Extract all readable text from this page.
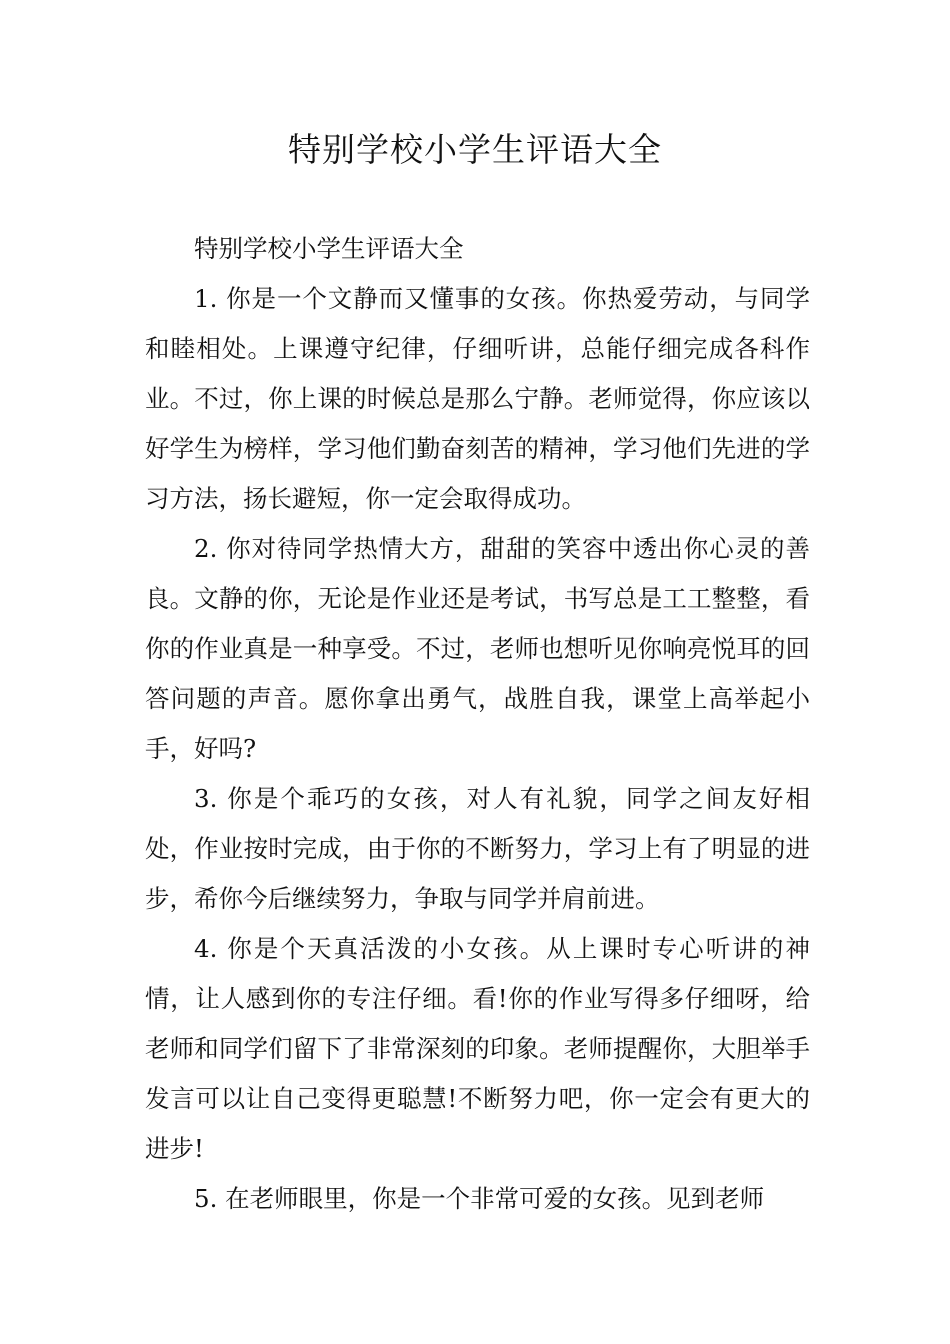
特别学校小学生评语大全

特别学校小学生评语大全

1. 你是一个文静而又懂事的女孩。你热爱劳动，与同学和睦相处。上课遵守纪律，仔细听讲，总能仔细完成各科作业。不过，你上课的时候总是那么宁静。老师觉得，你应该以好学生为榜样，学习他们勤奋刻苦的精神，学习他们先进的学习方法，扬长避短，你一定会取得成功。

2. 你对待同学热情大方，甜甜的笑容中透出你心灵的善良。文静的你，无论是作业还是考试，书写总是工工整整，看你的作业真是一种享受。不过，老师也想听见你响亮悦耳的回答问题的声音。愿你拿出勇气，战胜自我，课堂上高举起小手，好吗?

3. 你是个乖巧的女孩，对人有礼貌，同学之间友好相处，作业按时完成，由于你的不断努力，学习上有了明显的进步，希你今后继续努力，争取与同学并肩前进。

4. 你是个天真活泼的小女孩。从上课时专心听讲的神情，让人感到你的专注仔细。看!你的作业写得多仔细呀，给老师和同学们留下了非常深刻的印象。老师提醒你，大胆举手发言可以让自己变得更聪慧!不断努力吧，你一定会有更大的进步!

5. 在老师眼里，你是一个非常可爱的女孩。见到老师
